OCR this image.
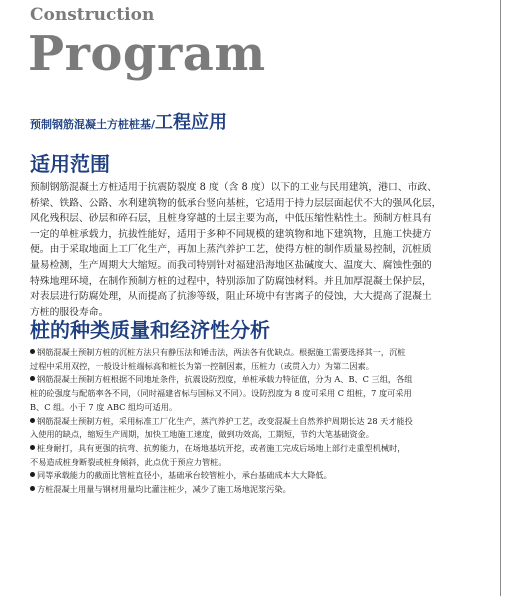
Construction
Program
预制钢筋混凝土方桩桩基/工程应用
适用范围
预制钢筋混凝土方桩适用于抗震防裂度 8 度（含 8 度）以下的工业与民用建筑，港口、市政、
桥梁、铁路、公路、水利建筑物的低承台竖向基桩，它适用于持力层层面起伏不大的强风化层，
风化残积层、砂层和碎石层，且桩身穿越的土层主要为高，中低压缩性粘性土。预制方桩具有
一定的单桩承载力，抗拔性能好，适用于多种不同规模的建筑物和地下建筑物，且施工快捷方
便。由于采取地面上工厂化生产，再加上蒸汽养护工艺，使得方桩的制作质量易控制，沉桩质
量易检测，生产周期大大缩短。而我司特别针对福建沿海地区盐碱度大、温度大、腐蚀性强的
特殊地理环境，在制作预制方桩的过程中，特别添加了防腐蚀材料。并且加厚混凝土保护层，
对表层进行防腐处理，从而提高了抗渗等级，阻止环境中有害离子的侵蚀，大大提高了混凝土
方桩的服役寿命。
桩的种类质量和经济性分析
钢筋混凝土预制方桩的沉桩方法只有静压法和锤击法，两法各有优缺点。根据施工需要选择其一，沉桩
过程中采用双控，一般设计桩端标高和桩长为第一控制因素，压桩力（或贯入力）为第二因素。
钢筋混凝土预制方桩根据不同地址条件，抗震设防烈度，单桩承载力特征值，分为 A、B、C 三组，各组
桩的砼强度与配筋率各不同，（同时福建省标与国标又不同）。设防烈度为 8 度可采用 C 组桩，7 度可采用
B、C 组。小于 7 度 ABC 组均可适用。
钢筋混凝土预制方桩，采用标准工厂化生产，蒸汽养护工艺，改变混凝土自然养护周期长达 28 天才能投
入使用的缺点，缩短生产周期，加快工地施工速度，做到功效高，工期短，节约大笔基础资金。
桩身耐打，具有更强的抗弯、抗剪能力，在场地基坑开挖，或者施工完成后场地上部行走重型机械时，
不易造成桩身断裂或桩身倾斜，此点优于预应力管桩。
同等承载能力的截面比管桩直径小，基础承台较管桩小，承台基础成本大大降低。
方桩混凝土用量与钢材用量均比灌注桩少，减少了施工场地泥浆污染。
